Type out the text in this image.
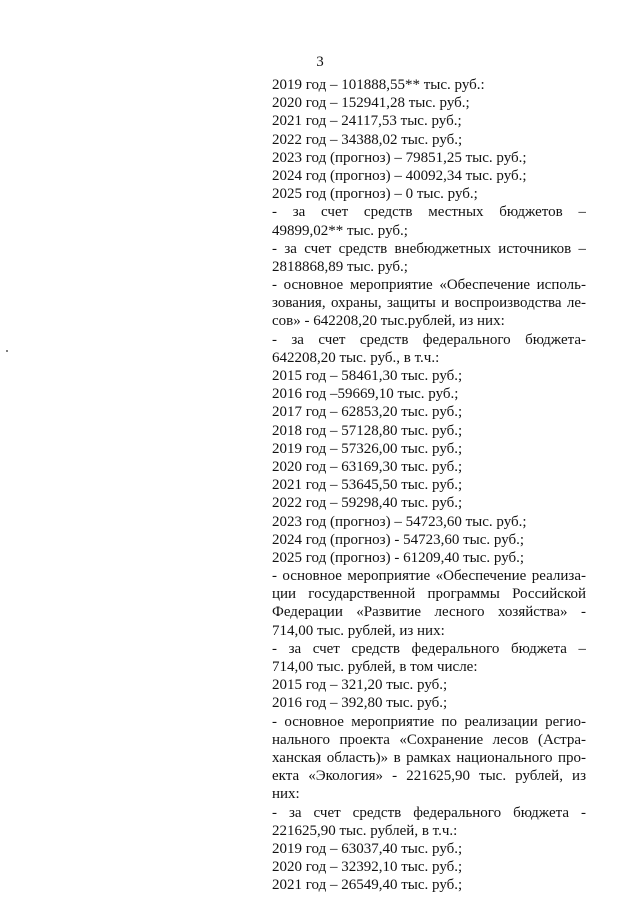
3
2019 год – 101888,55** тыс. руб.:
2020 год – 152941,28 тыс. руб.;
2021 год – 24117,53 тыс. руб.;
2022 год – 34388,02 тыс. руб.;
2023 год (прогноз) – 79851,25 тыс. руб.;
2024 год (прогноз) – 40092,34 тыс. руб.;
2025 год (прогноз) – 0 тыс. руб.;
- за счет средств местных бюджетов –
49899,02** тыс. руб.;
- за счет средств внебюджетных источников –
2818868,89 тыс. руб.;
- основное мероприятие «Обеспечение исполь-
зования, охраны, защиты и воспроизводства ле-
сов» - 642208,20 тыс.рублей, из них:
- за счет средств федерального бюджета-
642208,20 тыс. руб., в т.ч.:
2015 год – 58461,30 тыс. руб.;
2016 год –59669,10 тыс. руб.;
2017 год – 62853,20 тыс. руб.;
2018 год – 57128,80 тыс. руб.;
2019 год – 57326,00 тыс. руб.;
2020 год – 63169,30 тыс. руб.;
2021 год – 53645,50 тыс. руб.;
2022 год – 59298,40 тыс. руб.;
2023 год (прогноз) – 54723,60 тыс. руб.;
2024 год (прогноз) - 54723,60 тыс. руб.;
2025 год (прогноз) - 61209,40 тыс. руб.;
- основное мероприятие «Обеспечение реализа-
ции государственной программы Российской
Федерации «Развитие лесного хозяйства» -
714,00 тыс. рублей, из них:
- за счет средств федерального бюджета –
714,00 тыс. рублей, в том числе:
2015 год – 321,20 тыс. руб.;
2016 год – 392,80 тыс. руб.;
- основное мероприятие по реализации регио-
нального проекта «Сохранение лесов (Астра-
ханская область)» в рамках национального про-
екта «Экология» - 221625,90 тыс. рублей, из
них:
- за счет средств федерального бюджета -
221625,90 тыс. рублей, в т.ч.:
2019 год – 63037,40 тыс. руб.;
2020 год – 32392,10 тыс. руб.;
2021 год – 26549,40 тыс. руб.;
